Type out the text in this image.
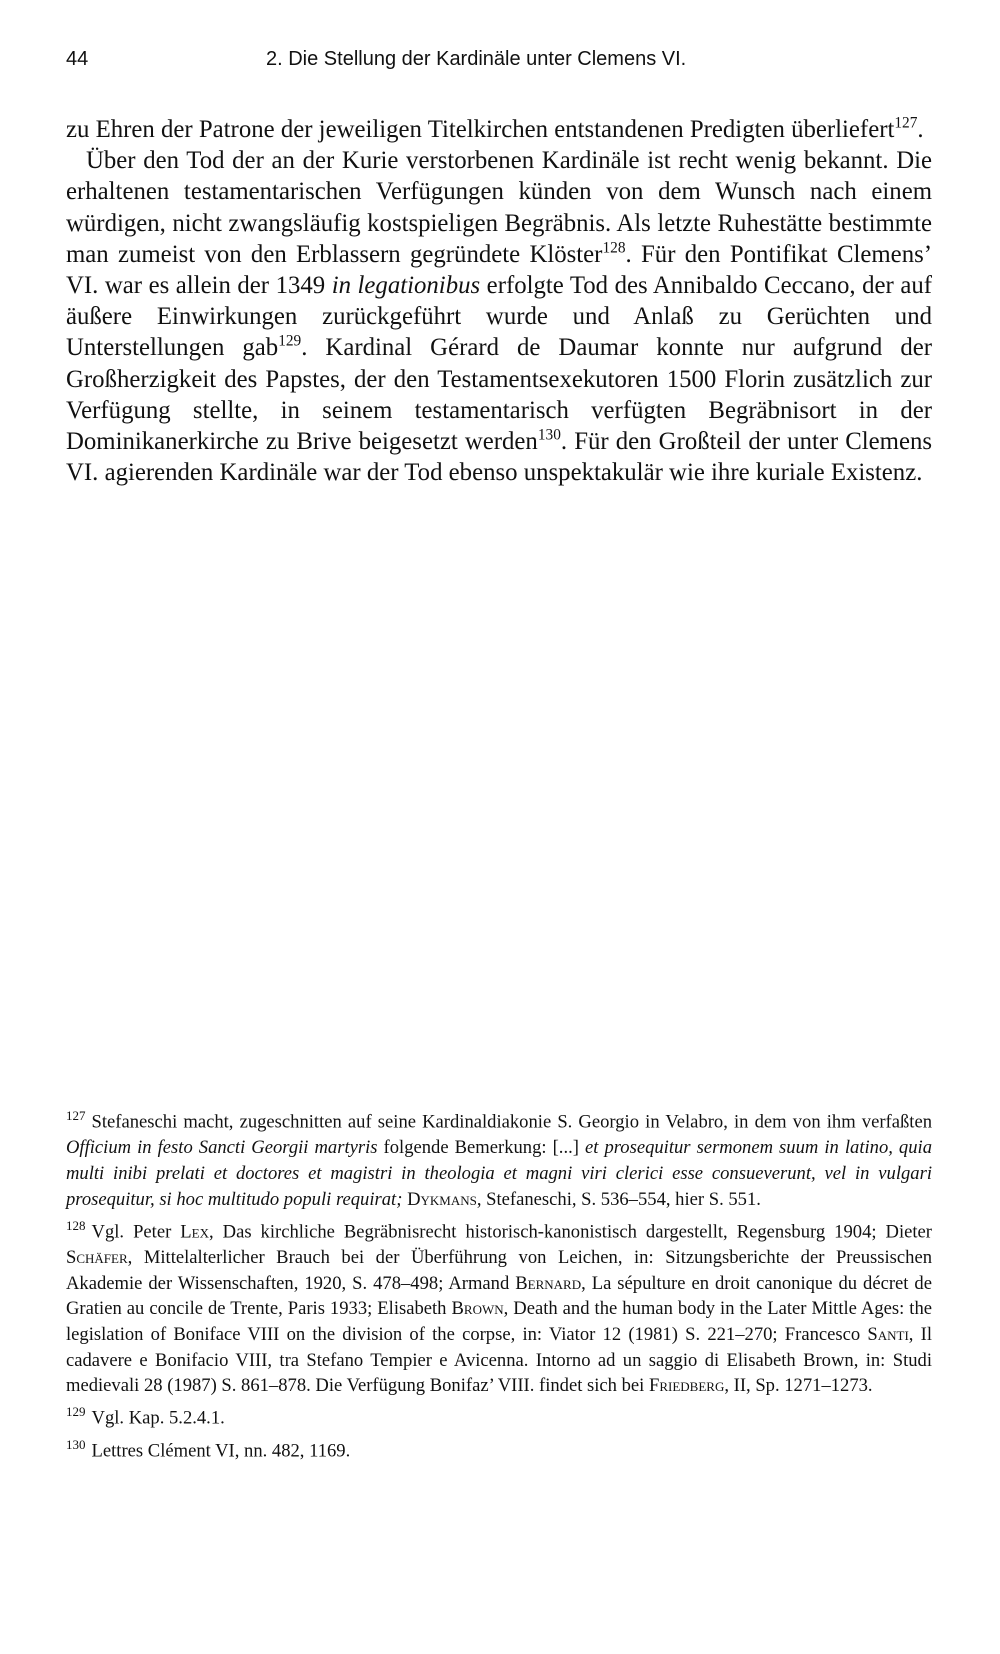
44	2. Die Stellung der Kardinäle unter Clemens VI.

zu Ehren der Patrone der jeweiligen Titelkirchen entstandenen Predigten überliefert$^{127}$.

Über den Tod der an der Kurie verstorbenen Kardinäle ist recht wenig bekannt. Die erhaltenen testamentarischen Verfügungen künden von dem Wunsch nach einem würdigen, nicht zwangsläufig kostspieligen Begräbnis. Als letzte Ruhestätte bestimmte man zumeist von den Erblassern gegründete Klöster$^{128}$. Für den Pontifikat Clemens’ VI. war es allein der 1349 in legationibus erfolgte Tod des Annibaldo Ceccano, der auf äußere Einwirkungen zurückgeführt wurde und Anlaß zu Gerüchten und Unterstellungen gab$^{129}$. Kardinal Gérard de Daumar konnte nur aufgrund der Großherzigkeit des Papstes, der den Testamentsexekutoren 1500 Florin zusätzlich zur Verfügung stellte, in seinem testamentarisch verfügten Begräbnisort in der Dominikanerkirche zu Brive beigesetzt werden$^{130}$. Für den Großteil der unter Clemens VI. agierenden Kardinäle war der Tod ebenso unspektakulär wie ihre kuriale Existenz.

$^{127}$ Stefaneschi macht, zugeschnitten auf seine Kardinaldiakonie S. Georgio in Velabro, in dem von ihm verfaßten Officium in festo Sancti Georgii martyris folgende Bemerkung: [...] et prosequitur sermonem suum in latino, quia multi inibi prelati et doctores et magistri in theologia et magni viri clerici esse consueverunt, vel in vulgari prosequitur, si hoc multitudo populi requirat; Dykmans, Stefaneschi, S. 536–554, hier S. 551.

$^{128}$ Vgl. Peter Lex, Das kirchliche Begräbnisrecht historisch-kanonistisch dargestellt, Regensburg 1904; Dieter Schäfer, Mittelalterlicher Brauch bei der Überführung von Leichen, in: Sitzungsberichte der Preussischen Akademie der Wissenschaften, 1920, S. 478–498; Armand Bernard, La sépulture en droit canonique du décret de Gratien au concile de Trente, Paris 1933; Elisabeth Brown, Death and the human body in the Later Mittle Ages: the legislation of Boniface VIII on the division of the corpse, in: Viator 12 (1981) S. 221–270; Francesco Santi, Il cadavere e Bonifacio VIII, tra Stefano Tempier e Avicenna. Intorno ad un saggio di Elisabeth Brown, in: Studi medievali 28 (1987) S. 861–878. Die Verfügung Bonifaz’ VIII. findet sich bei Friedberg, II, Sp. 1271–1273.

$^{129}$ Vgl. Kap. 5.2.4.1.

$^{130}$ Lettres Clément VI, nn. 482, 1169.
